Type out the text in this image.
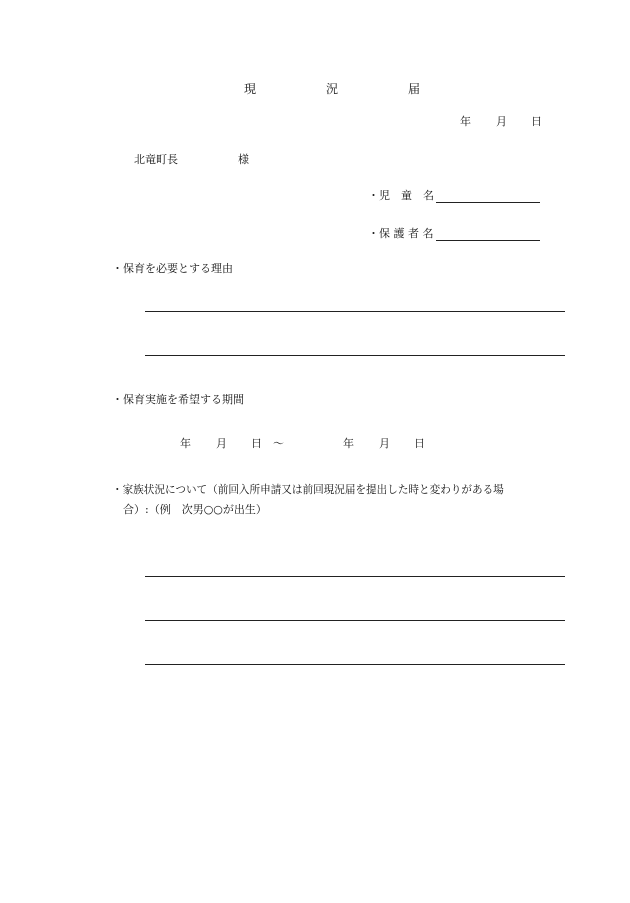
現	況	届
年 月 日
北竜町長	様
・児　童　名
・保 護 者 名
・保育を必要とする理由
・保育実施を希望する期間
年 月 日 ～	年 月 日
・家族状況について（前回入所申請又は前回現況届を提出した時と変わりがある場
合）:（例　次男○○が出生）
